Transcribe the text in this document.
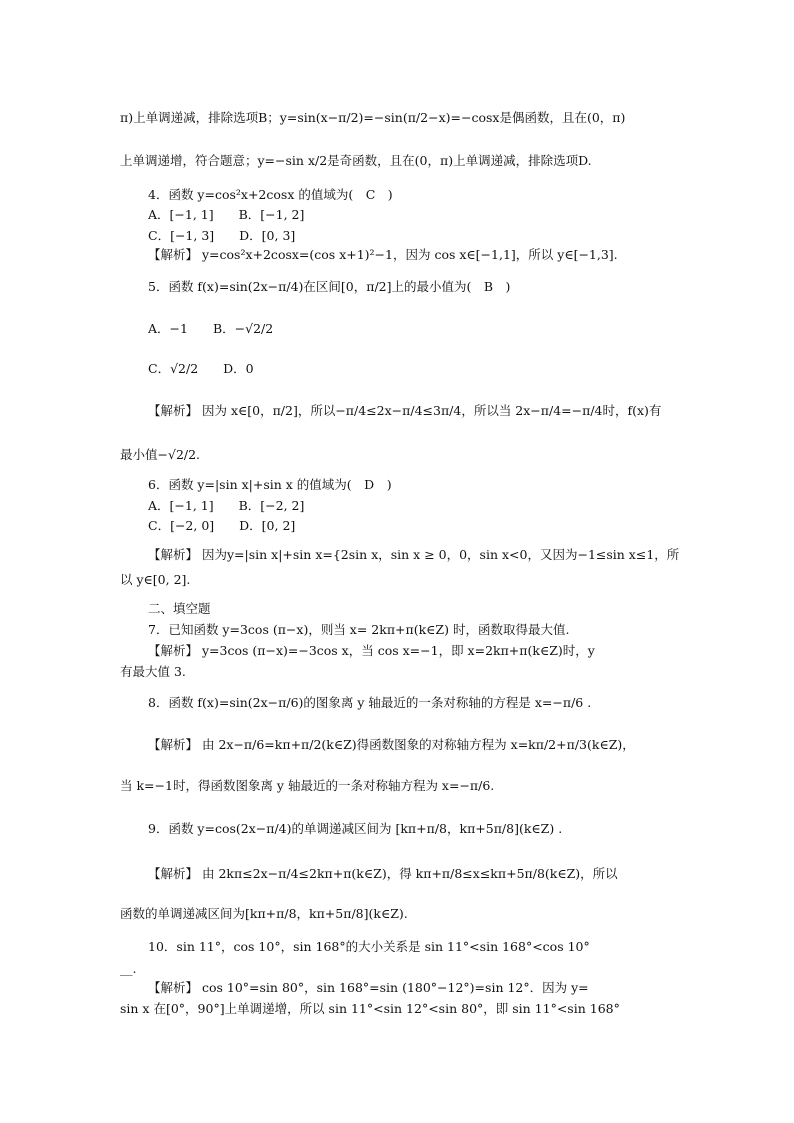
π)上单调递减，排除选项B；y=sin(x−π/2)=−sin(π/2−x)=−cosx是偶函数，且在(0，π)
上单调递增，符合题意；y=−sin x/2是奇函数，且在(0，π)上单调递减，排除选项D.
4．函数 y=cos²x+2cosx 的值域为(　C　)
A．[−1, 1]　　B．[−1, 2]
C．[−1, 3]　　D．[0, 3]
【解析】 y=cos²x+2cosx=(cos x+1)²−1，因为 cos x∈[−1,1]，所以 y∈[−1,3].
5．函数 f(x)=sin(2x−π/4)在区间[0，π/2]上的最小值为(　B　)
A．−1　　B．−√2/2
C．√2/2　　D．0
【解析】 因为 x∈[0，π/2]，所以−π/4≤2x−π/4≤3π/4，所以当 2x−π/4=−π/4时，f(x)有
最小值−√2/2.
6．函数 y=|sin x|+sin x 的值域为(　D　)
A．[−1, 1]　　B．[−2, 2]
C．[−2, 0]　　D．[0, 2]
【解析】 因为y=|sin x|+sin x={2sin x，sin x ≥ 0，0，sin x<0，又因为−1≤sin x≤1，所
以 y∈[0, 2].
二、填空题
7．已知函数 y=3cos (π−x)，则当 x= 2kπ+π(k∈Z) 时，函数取得最大值.
【解析】 y=3cos (π−x)=−3cos x，当 cos x=−1，即 x=2kπ+π(k∈Z)时，y
有最大值 3.
8．函数 f(x)=sin(2x−π/6)的图象离 y 轴最近的一条对称轴的方程是 x=−π/6 .
【解析】 由 2x−π/6=kπ+π/2(k∈Z)得函数图象的对称轴方程为 x=kπ/2+π/3(k∈Z)，
当 k=−1时，得函数图象离 y 轴最近的一条对称轴方程为 x=−π/6.
9．函数 y=cos(2x−π/4)的单调递减区间为 [kπ+π/8，kπ+5π/8](k∈Z) .
【解析】 由 2kπ≤2x−π/4≤2kπ+π(k∈Z)，得 kπ+π/8≤x≤kπ+5π/8(k∈Z)，所以
函数的单调递减区间为[kπ+π/8，kπ+5π/8](k∈Z).
10．sin 11°，cos 10°，sin 168°的大小关系是 sin 11°<sin 168°<cos 10°
__.
【解析】 cos 10°=sin 80°，sin 168°=sin (180°−12°)=sin 12°．因为 y=
sin x 在[0°，90°]上单调递增，所以 sin 11°<sin 12°<sin 80°，即 sin 11°<sin 168°
